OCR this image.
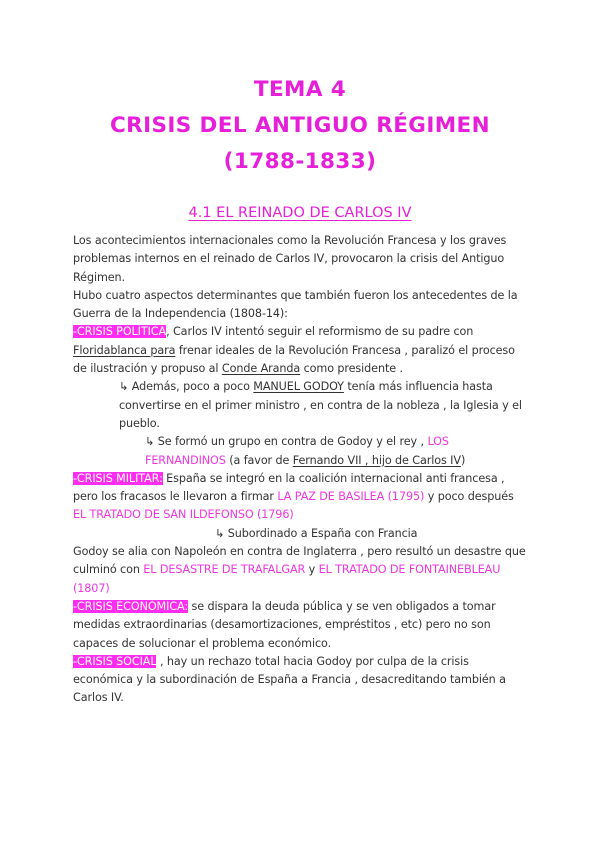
TEMA 4
CRISIS DEL ANTIGUO RÉGIMEN
(1788-1833)
4.1 EL REINADO DE CARLOS IV
Los acontecimientos internacionales como la Revolución Francesa y los graves problemas internos en el reinado de Carlos IV, provocaron la crisis del Antiguo Régimen.
Hubo cuatro aspectos determinantes que también fueron los antecedentes de la Guerra de la Independencia (1808-14):
-CRISIS POLÍTICA, Carlos IV intentó seguir el reformismo de su padre con Floridablanca para frenar ideales de la Revolución Francesa , paralizó el proceso de ilustración y propuso al Conde Aranda como presidente .
↳ Además, poco a poco MANUEL GODOY tenía más influencia hasta convertirse en el primer ministro , en contra de la nobleza , la Iglesia y el pueblo.
↳ Se formó un grupo en contra de Godoy y el rey , LOS FERNANDINOS (a favor de Fernando VII , hijo de Carlos IV)
-CRISIS MILITAR: España se integró en la coalición internacional anti francesa , pero los fracasos le llevaron a firmar LA PAZ DE BASILEA (1795) y poco después EL TRATADO DE SAN ILDEFONSO (1796)
↳ Subordinado a España con Francia
Godoy se alia con Napoleón en contra de Inglaterra , pero resultó un desastre que culminó con EL DESASTRE DE TRAFALGAR y EL TRATADO DE FONTAINEBLEAU (1807)
-CRISIS ECONÓMICA: se dispara la deuda pública y se ven obligados a tomar medidas extraordinarias (desamortizaciones, empréstitos , etc) pero no son capaces de solucionar el problema económico.
-CRISIS SOCIAL , hay un rechazo total hacia Godoy por culpa de la crisis económica y la subordinación de España a Francia , desacreditando también a Carlos IV.
